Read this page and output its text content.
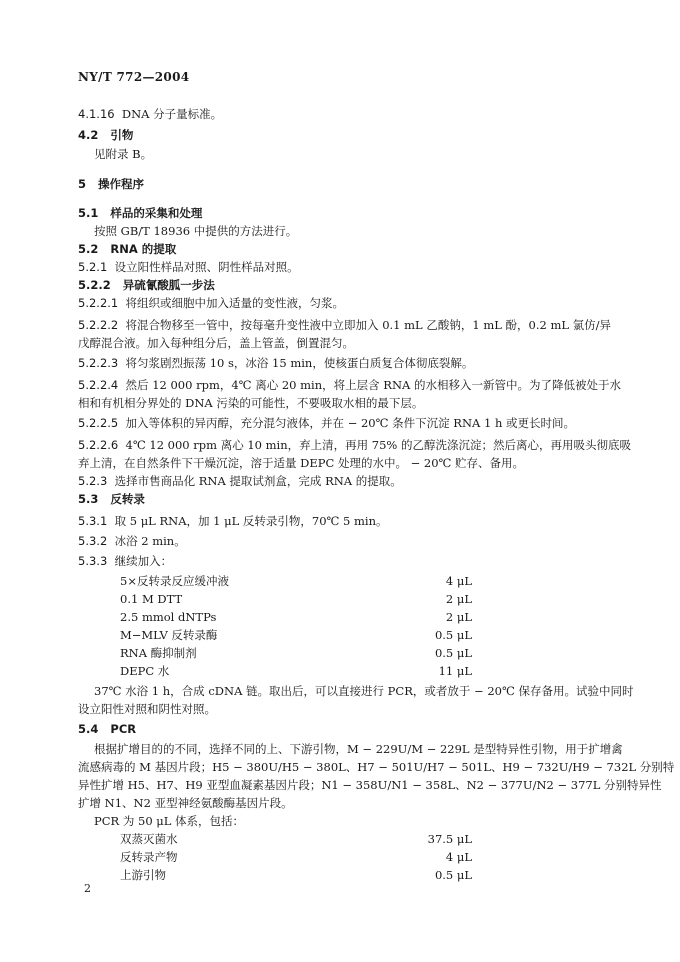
NY/T 772—2004
4.1.16 DNA 分子量标准。
4.2 引物
见附录 B。
5 操作程序
5.1 样品的采集和处理
按照 GB/T 18936 中提供的方法进行。
5.2 RNA 的提取
5.2.1 设立阳性样品对照、阴性样品对照。
5.2.2 异硫氰酸胍一步法
5.2.2.1 将组织或细胞中加入适量的变性液，匀浆。
5.2.2.2 将混合物移至一管中，按每毫升变性液中立即加入 0.1 mL 乙酸钠，1 mL 酚，0.2 mL 氯仿/异
戊醇混合液。加入每种组分后，盖上管盖，倒置混匀。
5.2.2.3 将匀浆剧烈振荡 10 s，冰浴 15 min，使核蛋白质复合体彻底裂解。
5.2.2.4 然后 12 000 rpm，4℃ 离心 20 min，将上层含 RNA 的水相移入一新管中。为了降低被处于水
相和有机相分界处的 DNA 污染的可能性，不要吸取水相的最下层。
5.2.2.5 加入等体积的异丙醇，充分混匀液体，并在 − 20℃ 条件下沉淀 RNA 1 h 或更长时间。
5.2.2.6 4℃ 12 000 rpm 离心 10 min，弃上清，再用 75% 的乙醇洗涤沉淀；然后离心，再用吸头彻底吸
弃上清，在自然条件下干燥沉淀，溶于适量 DEPC 处理的水中。 − 20℃ 贮存、备用。
5.2.3 选择市售商品化 RNA 提取试剂盒，完成 RNA 的提取。
5.3 反转录
5.3.1 取 5 μL RNA，加 1 μL 反转录引物，70℃ 5 min。
5.3.2 冰浴 2 min。
5.3.3 继续加入：
5×反转录反应缓冲液	4 μL
0.1 M DTT	2 μL
2.5 mmol dNTPs	2 μL
M−MLV 反转录酶	0.5 μL
RNA 酶抑制剂	0.5 μL
DEPC 水	11 μL
37℃ 水浴 1 h，合成 cDNA 链。取出后，可以直接进行 PCR，或者放于 − 20℃ 保存备用。试验中同时
设立阳性对照和阴性对照。
5.4 PCR
根据扩增目的的不同，选择不同的上、下游引物，M − 229U/M − 229L 是型特异性引物，用于扩增禽
流感病毒的 M 基因片段；H5 − 380U/H5 − 380L、H7 − 501U/H7 − 501L、H9 − 732U/H9 − 732L 分别特
异性扩增 H5、H7、H9 亚型血凝素基因片段；N1 − 358U/N1 − 358L、N2 − 377U/N2 − 377L 分别特异性
扩增 N1、N2 亚型神经氨酸酶基因片段。
PCR 为 50 μL 体系，包括：
双蒸灭菌水	37.5 μL
反转录产物	4 μL
上游引物	0.5 μL
2
